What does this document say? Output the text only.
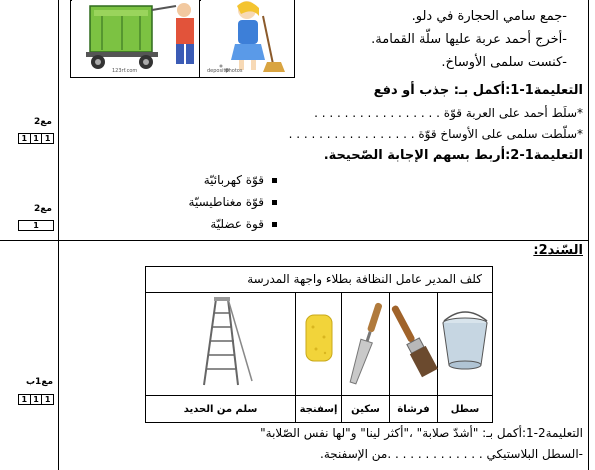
123rf.com	depositphotos
-جمع سامي الحجارة في دلو.
-أخرج أحمد عربة عليها سلّة القمامة.
-كنست سلمى الأوساخ.
التعليمة1-1:أكمل بـ: جذب أو دفع
*سلَط أحمد على العربة قوّة . . . . . . . . . . . . . . . . .
*سلّطت سلمى على الأوساخ قوّة . . . . . . . . . . . . . . . . .
التعليمة1-2:أربط بسهم الإجابة الصّحيحة.
قوّة كهربائيّة
قوّة مغناطيسيّة
قوة عضليّة
مع2
1 1 1
مع2
1
السّند2:
كلف المدير عامل النظافة بطلاء واجهة المدرسة
سطل
فرشاة
سكين
إسفنجة
سلم من الحديد
التعليمة2-1:أكمل بـ: "أشدّ صلابة" ،"أكثر لينا" و"لها نفس الصّلابة"
-السطل البلاستيكي . . . . . . . . . . . . .من الإسفنجة.
مع1ب
1 1 1
